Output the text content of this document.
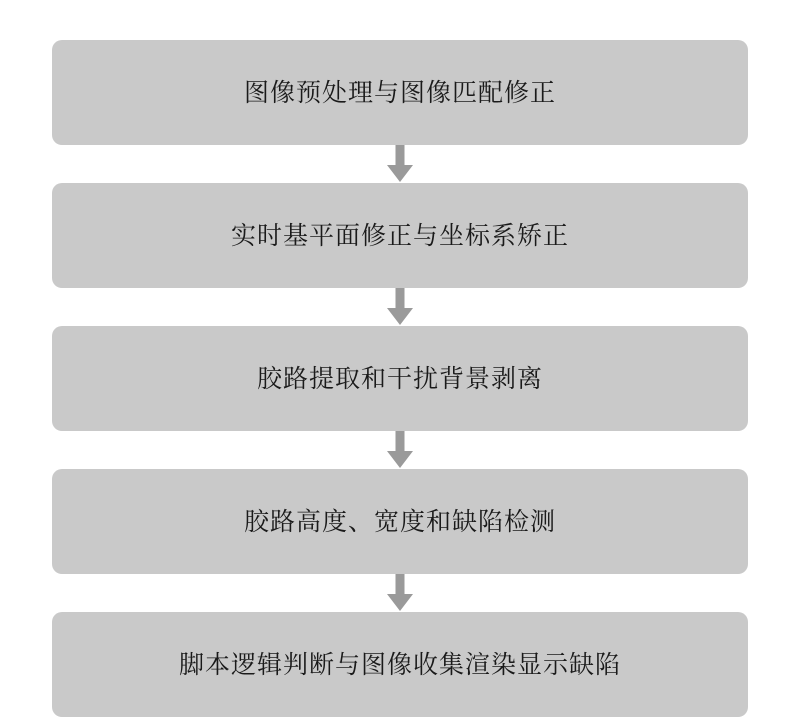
图像预处理与图像匹配修正
实时基平面修正与坐标系矫正
胶路提取和干扰背景剥离
胶路高度、宽度和缺陷检测
脚本逻辑判断与图像收集渲染显示缺陷
